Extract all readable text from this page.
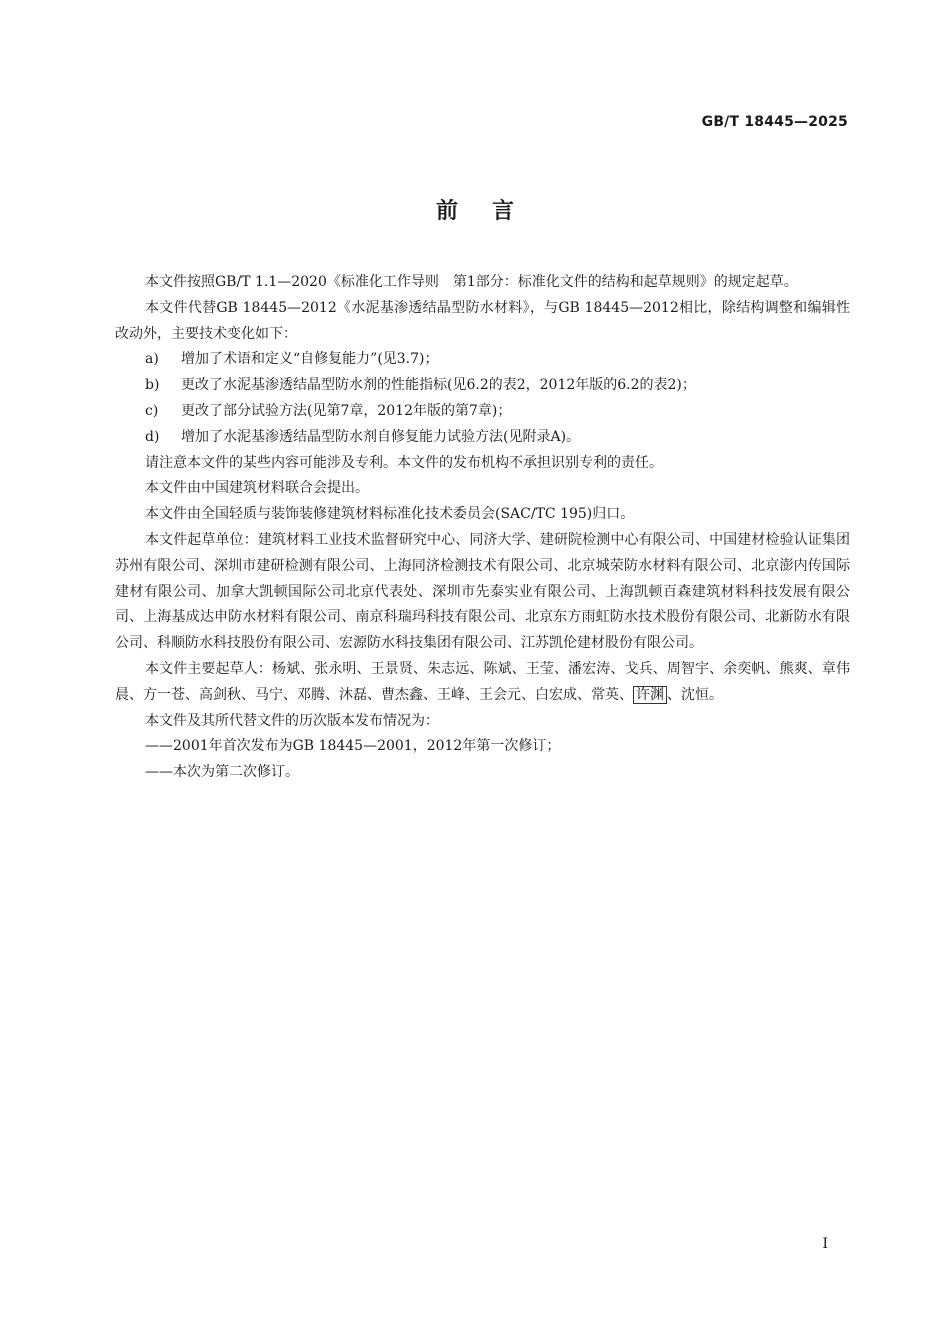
GB/T 18445—2025
前言

本文件按照GB/T 1.1—2020《标准化工作导则　第1部分：标准化文件的结构和起草规则》的规定起草。

本文件代替GB 18445—2012《水泥基渗透结晶型防水材料》，与GB 18445—2012相比，除结构调整和编辑性改动外，主要技术变化如下：

a) 增加了术语和定义“自修复能力”(见3.7)；

b) 更改了水泥基渗透结晶型防水剂的性能指标(见6.2的表2，2012年版的6.2的表2)；

c) 更改了部分试验方法(见第7章，2012年版的第7章)；

d) 增加了水泥基渗透结晶型防水剂自修复能力试验方法(见附录A)。

请注意本文件的某些内容可能涉及专利。本文件的发布机构不承担识别专利的责任。

本文件由中国建筑材料联合会提出。

本文件由全国轻质与装饰装修建筑材料标准化技术委员会(SAC/TC 195)归口。

本文件起草单位：建筑材料工业技术监督研究中心、同济大学、建研院检测中心有限公司、中国建材检验认证集团苏州有限公司、深圳市建研检测有限公司、上海同济检测技术有限公司、北京城荣防水材料有限公司、北京澎内传国际建材有限公司、加拿大凯顿国际公司北京代表处、深圳市先泰实业有限公司、上海凯顿百森建筑材料科技发展有限公司、上海基成达申防水材料有限公司、南京科瑞玛科技有限公司、北京东方雨虹防水技术股份有限公司、北新防水有限公司、科顺防水科技股份有限公司、宏源防水科技集团有限公司、江苏凯伦建材股份有限公司。

本文件主要起草人：杨斌、张永明、王景贤、朱志远、陈斌、王莹、潘宏涛、戈兵、周智宇、余奕帆、熊爽、章伟晨、方一苍、高剑秋、马宁、邓腾、沐磊、曹杰鑫、王峰、王会元、白宏成、常英、 许渊 、沈恒。

本文件及其所代替文件的历次版本发布情况为：

——2001年首次发布为GB 18445—2001，2012年第一次修订；

——本次为第二次修订。

I
